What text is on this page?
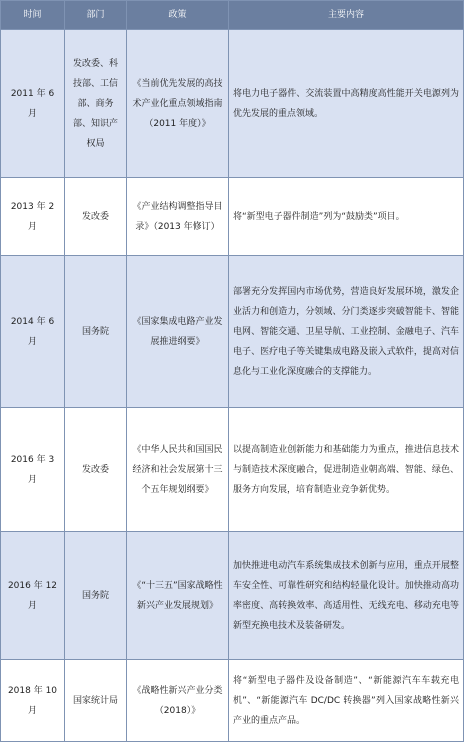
时间	部门	政策	主要内容
2011 年 6 月	发改委、科技部、工信部、商务部、知识产权局	《当前优先发展的高技术产业化重点领域指南（2011 年度）》	将电力电子器件、交流装置中高精度高性能开关电源列为优先发展的重点领域。
2013 年 2 月	发改委	《产业结构调整指导目录》（2013 年修订）	将“新型电子器件制造”列为“鼓励类”项目。
2014 年 6 月	国务院	《国家集成电路产业发展推进纲要》	部署充分发挥国内市场优势，营造良好发展环境，激发企业活力和创造力，分领域、分门类逐步突破智能卡、智能电网、智能交通、卫星导航、工业控制、金融电子、汽车电子、医疗电子等关键集成电路及嵌入式软件，提高对信息化与工业化深度融合的支撑能力。
2016 年 3 月	发改委	《中华人民共和国国民经济和社会发展第十三个五年规划纲要》	以提高制造业创新能力和基础能力为重点，推进信息技术与制造技术深度融合，促进制造业朝高端、智能、绿色、服务方向发展，培育制造业竞争新优势。
2016 年 12 月	国务院	《“十三五”国家战略性新兴产业发展规划》	加快推进电动汽车系统集成技术创新与应用，重点开展整车安全性、可靠性研究和结构轻量化设计。加快推动高功率密度、高转换效率、高适用性、无线充电、移动充电等新型充换电技术及装备研发。
2018 年 10 月	国家统计局	《战略性新兴产业分类（2018）》	将“新型电子器件及设备制造”、“新能源汽车车载充电机”、“新能源汽车 DC/DC 转换器”列入国家战略性新兴产业的重点产品。
